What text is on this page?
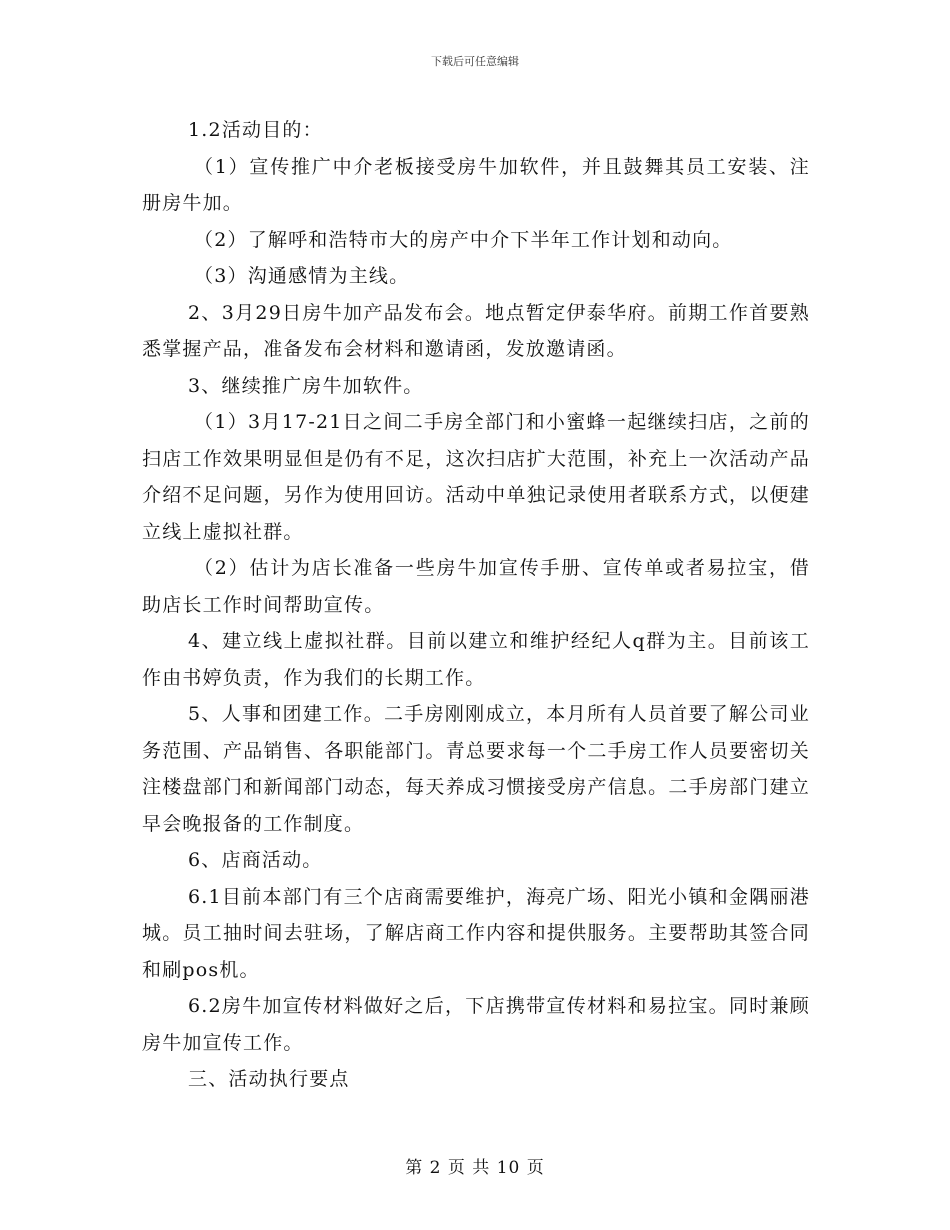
下载后可任意编辑

1.2活动目的：

（1）宣传推广中介老板接受房牛加软件，并且鼓舞其员工安装、注册房牛加。

（2）了解呼和浩特市大的房产中介下半年工作计划和动向。

（3）沟通感情为主线。

2、3月29日房牛加产品发布会。地点暂定伊泰华府。前期工作首要熟悉掌握产品，准备发布会材料和邀请函，发放邀请函。

3、继续推广房牛加软件。

（1）3月17-21日之间二手房全部门和小蜜蜂一起继续扫店，之前的扫店工作效果明显但是仍有不足，这次扫店扩大范围，补充上一次活动产品介绍不足问题，另作为使用回访。活动中单独记录使用者联系方式，以便建立线上虚拟社群。

（2）估计为店长准备一些房牛加宣传手册、宣传单或者易拉宝，借助店长工作时间帮助宣传。

4、建立线上虚拟社群。目前以建立和维护经纪人q群为主。目前该工作由书婷负责，作为我们的长期工作。

5、人事和团建工作。二手房刚刚成立，本月所有人员首要了解公司业务范围、产品销售、各职能部门。青总要求每一个二手房工作人员要密切关注楼盘部门和新闻部门动态，每天养成习惯接受房产信息。二手房部门建立早会晚报备的工作制度。

6、店商活动。

6.1目前本部门有三个店商需要维护，海亮广场、阳光小镇和金隅丽港城。员工抽时间去驻场，了解店商工作内容和提供服务。主要帮助其签合同和刷pos机。

6.2房牛加宣传材料做好之后，下店携带宣传材料和易拉宝。同时兼顾房牛加宣传工作。

三、活动执行要点

第 2 页 共 10 页
